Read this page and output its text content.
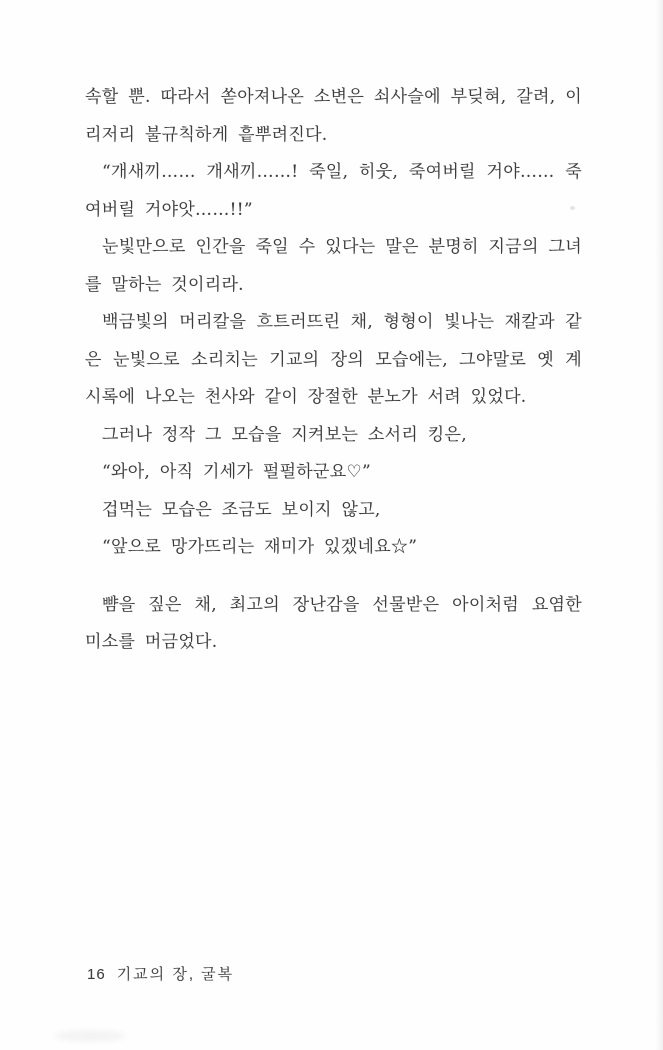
속할 뿐. 따라서 쏟아져나온 소변은 쇠사슬에 부딪혀, 갈려, 이리저리 불규칙하게 흩뿌려진다.

“개새끼…… 개새끼……! 죽일, 히웃, 죽여버릴 거야…… 죽여버릴 거야앗……!!”

눈빛만으로 인간을 죽일 수 있다는 말은 분명히 지금의 그녀를 말하는 것이리라.

백금빛의 머리칼을 흐트러뜨린 채, 형형이 빛나는 재칼과 같은 눈빛으로 소리치는 기교의 장의 모습에는, 그야말로 옛 계시록에 나오는 천사와 같이 장절한 분노가 서려 있었다.

그러나 정작 그 모습을 지켜보는 소서리 킹은,

“와아, 아직 기세가 펄펄하군요♡”

겁먹는 모습은 조금도 보이지 않고,

“앞으로 망가뜨리는 재미가 있겠네요☆”

뺨을 짚은 채, 최고의 장난감을 선물받은 아이처럼 요염한 미소를 머금었다.

16 기교의 장, 굴복
